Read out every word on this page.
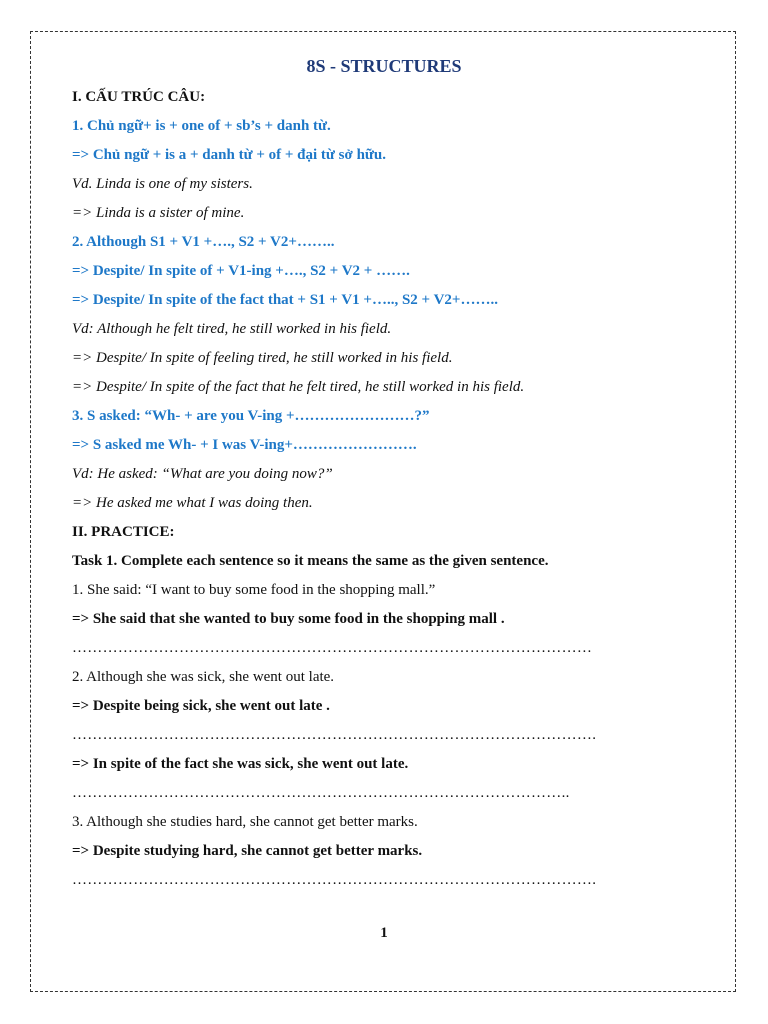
8S - STRUCTURES
I. CẤU TRÚC CÂU:
1. Chủ ngữ+ is + one of + sb’s + danh từ.
=> Chủ ngữ + is a + danh từ + of + đại từ sở hữu.
Vd. Linda is one of my sisters.
=> Linda is a sister of mine.
2. Although S1 + V1 +…., S2 + V2+……..
=> Despite/ In spite of + V1-ing +…., S2 + V2 + …….
=> Despite/ In spite of the fact that + S1 + V1 +….., S2 + V2+……..
Vd: Although he felt tired, he still worked in his field.
=> Despite/ In spite of feeling tired, he still worked in his field.
=> Despite/ In spite of the fact that he felt tired, he still worked in his field.
3. S asked: “Wh- + are you V-ing +……………………?”
=> S asked me Wh- + I was V-ing+…………………….
Vd: He asked: “What are you doing now?”
=> He asked me what I was doing then.
II. PRACTICE:
Task 1. Complete each sentence so it means the same as the given sentence.
1. She said: “I want to buy some food in the shopping mall.”
=> She said that she wanted to buy some food in the shopping mall .
…………………………………………………………………………………………
2. Although she was sick, she went out late.
=> Despite being sick, she went out late .
………………………………………………………………………………………….
=> In spite of the fact she was sick, she went out late.
……………………………………………………………………………………..
3. Although she studies hard, she cannot get better marks.
=> Despite studying hard, she cannot get better marks.
………………………………………………………………………………………….
1
